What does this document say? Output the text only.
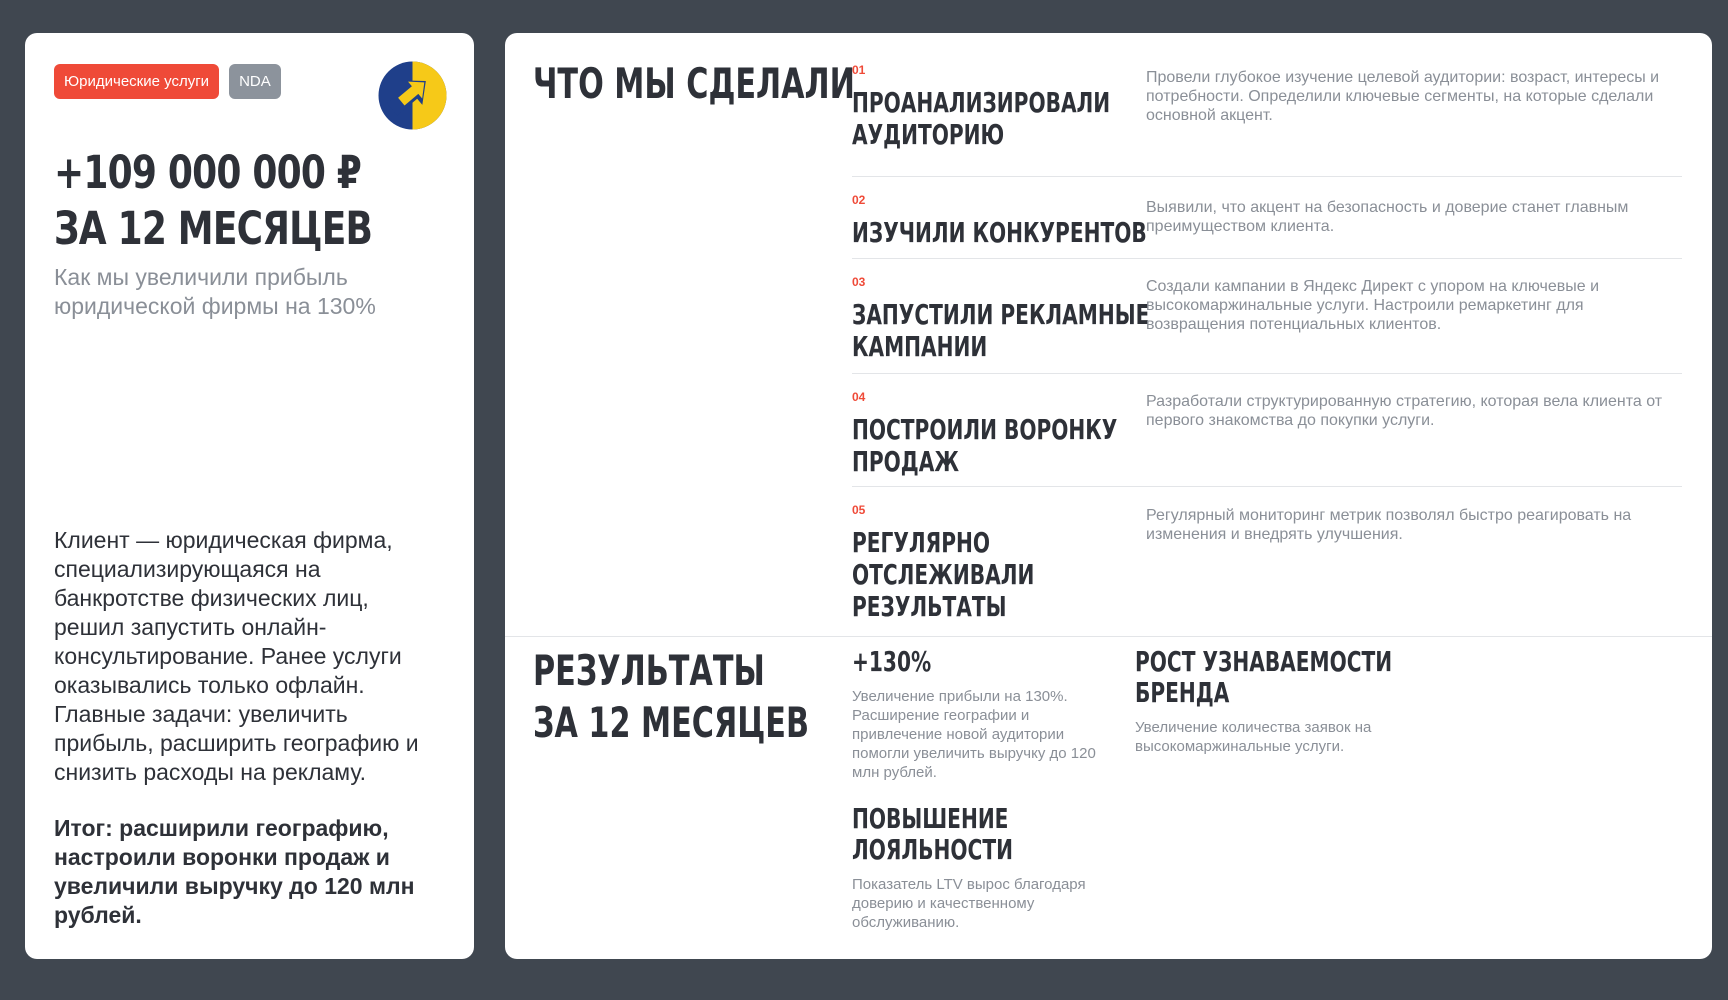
Юридические услуги	NDA
+109 000 000 ₽
ЗА 12 МЕСЯЦЕВ
Как мы увеличили прибыль юридической фирмы на 130%
Клиент — юридическая фирма, специализирующаяся на банкротстве физических лиц, решил запустить онлайн-консультирование. Ранее услуги оказывались только офлайн. Главные задачи: увеличить прибыль, расширить географию и снизить расходы на рекламу.
Итог: расширили географию, настроили воронки продаж и увеличили выручку до 120 млн рублей.
ЧТО МЫ СДЕЛАЛИ
01
ПРОАНАЛИЗИРОВАЛИ
АУДИТОРИЮ
Провели глубокое изучение целевой аудитории: возраст, интересы и потребности. Определили ключевые сегменты, на которые сделали основной акцент.
02
ИЗУЧИЛИ КОНКУРЕНТОВ
Выявили, что акцент на безопасность и доверие станет главным преимуществом клиента.
03
ЗАПУСТИЛИ РЕКЛАМНЫЕ
КАМПАНИИ
Создали кампании в Яндекс Директ с упором на ключевые и высокомаржинальные услуги. Настроили ремаркетинг для возвращения потенциальных клиентов.
04
ПОСТРОИЛИ ВОРОНКУ
ПРОДАЖ
Разработали структурированную стратегию, которая вела клиента от первого знакомства до покупки услуги.
05
РЕГУЛЯРНО
ОТСЛЕЖИВАЛИ
РЕЗУЛЬТАТЫ
Регулярный мониторинг метрик позволял быстро реагировать на изменения и внедрять улучшения.
РЕЗУЛЬТАТЫ
ЗА 12 МЕСЯЦЕВ
+130%
Увеличение прибыли на 130%. Расширение географии и привлечение новой аудитории помогли увеличить выручку до 120 млн рублей.
РОСТ УЗНАВАЕМОСТИ
БРЕНДА
Увеличение количества заявок на высокомаржинальные услуги.
ПОВЫШЕНИЕ
ЛОЯЛЬНОСТИ
Показатель LTV вырос благодаря доверию и качественному обслуживанию.
